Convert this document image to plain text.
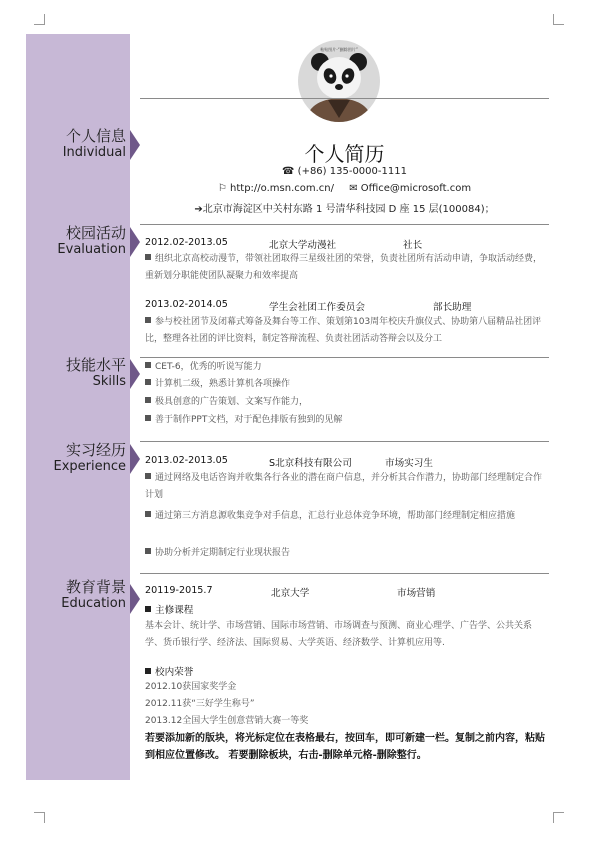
粘贴图片-“删除图片”
个人信息
Individual	个人简历
☎ (+86) 135-0000-1111
⚐ http://o.msn.com.cn/ ✉ Office@microsoft.com
➔北京市海淀区中关村东路 1 号清华科技园 D 座 15 层(100084)；
校园活动
Evaluation 2012.02-2013.05	北京大学动漫社	社长
组织北京高校动漫节，带领社团取得三星级社团的荣誉，负责社团所有活动申请，争取活动经费，重新划分职能使团队凝聚力和效率提高
2013.02-2014.05	学生会社团工作委员会	部长助理
参与校社团节及闭幕式筹备及舞台等工作、策划第103周年校庆升旗仪式、协助第八届精品社团评比，整理各社团的评比资料，制定答辩流程、负责社团活动答辩会以及分工
技能水平
Skills
CET-6，优秀的听说写能力
计算机二级，熟悉计算机各项操作
极具创意的广告策划、文案写作能力，
善于制作PPT文档，对于配色排版有独到的见解
实习经历
Experience 2013.02-2013.05	S北京科技有限公司	市场实习生
通过网络及电话咨询并收集各行各业的潜在商户信息，并分析其合作潜力，协助部门经理制定合作计划
通过第三方消息源收集竞争对手信息，汇总行业总体竞争环境，帮助部门经理制定相应措施
协助分析并定期制定行业现状报告
教育背景
Education
20119-2015.7	北京大学	市场营销
主修课程
基本会计、统计学、市场营销、国际市场营销、市场调查与预测、商业心理学、广告学、公共关系学、货币银行学、经济法、国际贸易、大学英语、经济数学、计算机应用等.
校内荣誉
2012.10获国家奖学金
2012.11获“三好学生称号”
2013.12全国大学生创意营销大赛一等奖
若要添加新的版块，将光标定位在表格最右，按回车，即可新建一栏。复制之前内容，粘贴到相应位置修改。 若要删除板块，右击-删除单元格-删除整行。
